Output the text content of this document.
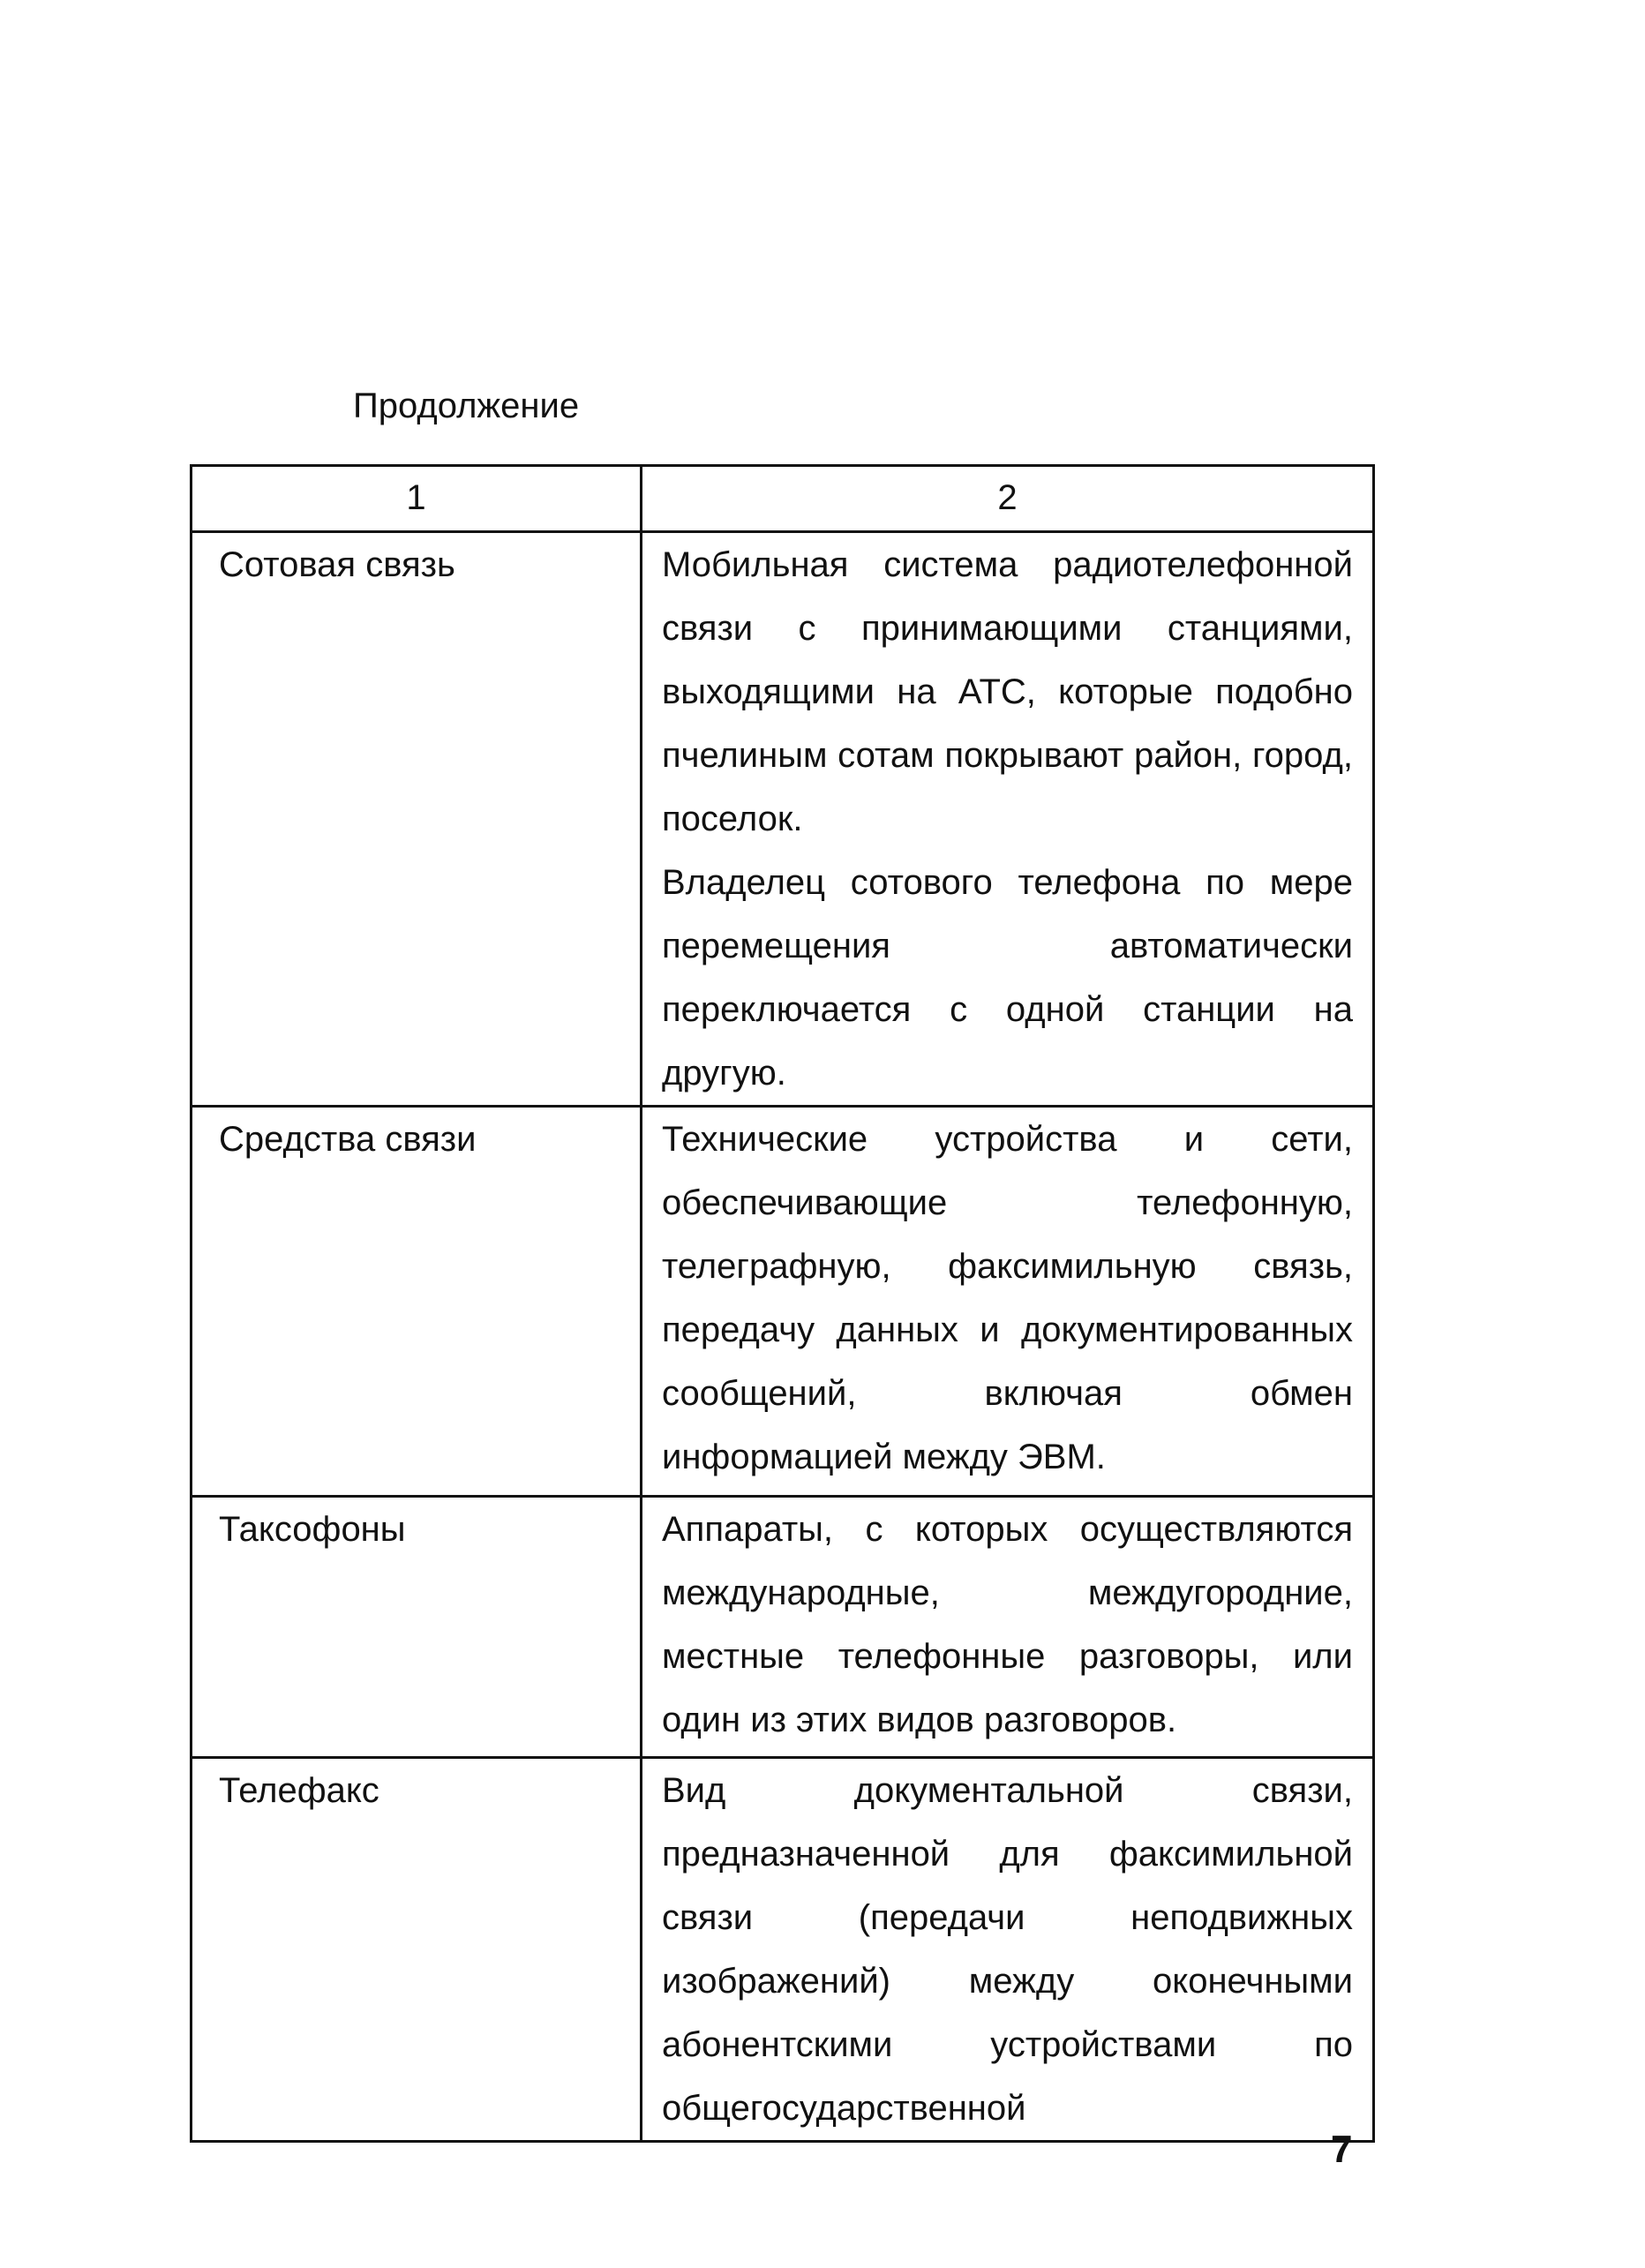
Продолжение
1	2
Сотовая связь	Мобильная система радиотелефонной связи с принимающими станциями, выходящими на АТС, которые подобно пчелиным сотам покрывают район, город, поселок.

Владелец сотового телефона по мере перемещения автоматически переключается с одной станции на другую.

Средства связи	Технические устройства и сети, обеспечивающие телефонную, телеграфную, факсимильную связь, передачу данных и документированных сообщений, включая обмен информацией между ЭВМ.

Таксофоны	Аппараты, с которых осуществляются международные, междугородние, местные телефонные разговоры, или один из этих видов разговоров.

Телефакс	Вид документальной связи, предназначенной для факсимильной связи (передачи неподвижных изображений) между оконечными абонентскими устройствами по общегосударственной

7
